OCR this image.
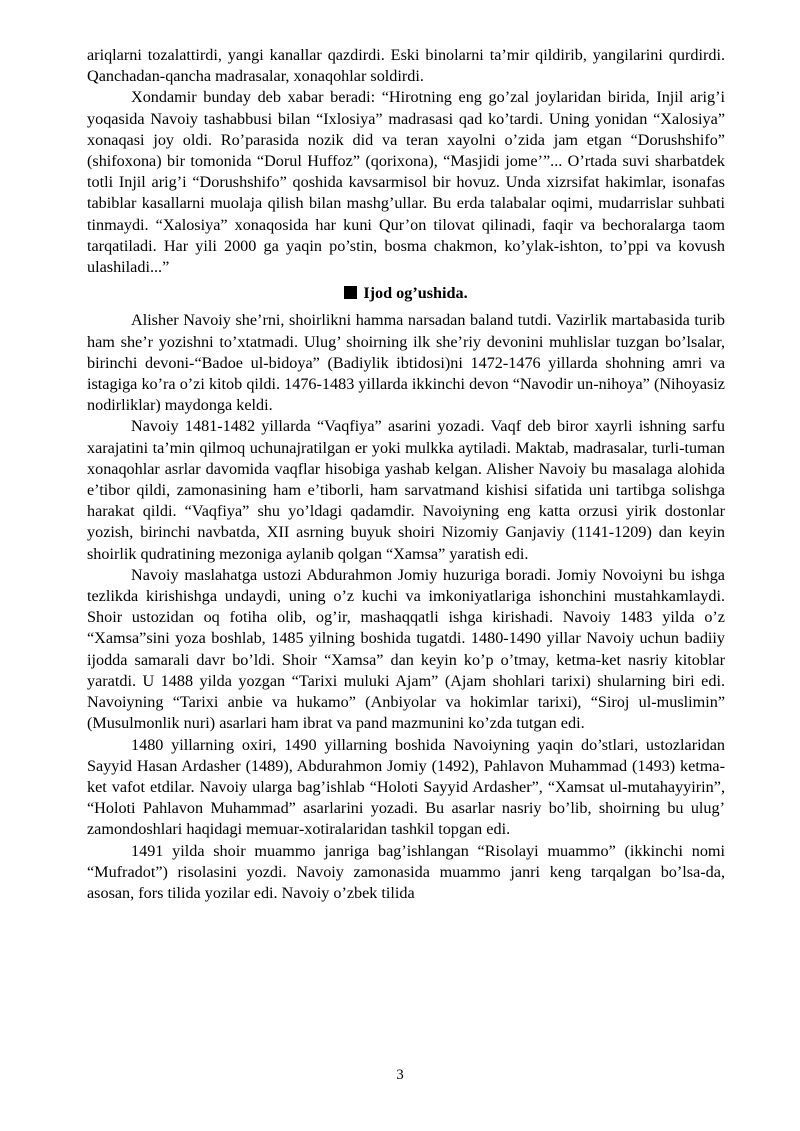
ariqlarni tozalattirdi, yangi kanallar qazdirdi. Eski binolarni ta’mir qildirib, yangilarini qurdirdi. Qanchadan-qancha madrasalar, xonaqohlar soldirdi.

Xondamir bunday deb xabar beradi: “Hirotning eng go’zal joylaridan birida, Injil arig’i yoqasida Navoiy tashabbusi bilan “Ixlosiya” madrasasi qad ko’tardi. Uning yonidan “Xalosiya” xonaqasi joy oldi. Ro’parasida nozik did va teran xayolni o’zida jam etgan “Dorushshifo” (shifoxona) bir tomonida “Dorul Huffoz” (qorixona), “Masjidi jome’”... O’rtada suvi sharbatdek totli Injil arig’i “Dorushshifo” qoshida kavsarmisol bir hovuz. Unda xizrsifat hakimlar, isonafas tabiblar kasallarni muolaja qilish bilan mashg’ullar. Bu erda talabalar oqimi, mudarrislar suhbati tinmaydi. “Xalosiya” xonaqosida har kuni Qur’on tilovat qilinadi, faqir va bechoralarga taom tarqatiladi. Har yili 2000 ga yaqin po’stin, bosma chakmon, ko’ylak-ishton, to’ppi va kovush ulashiladi...”

Ijod og’ushida.

Alisher Navoiy she’rni, shoirlikni hamma narsadan baland tutdi. Vazirlik martabasida turib ham she’r yozishni to’xtatmadi. Ulug’ shoirning ilk she’riy devonini muhlislar tuzgan bo’lsalar, birinchi devoni-“Badoe ul-bidoya” (Badiylik ibtidosi)ni 1472-1476 yillarda shohning amri va istagiga ko’ra o’zi kitob qildi. 1476-1483 yillarda ikkinchi devon “Navodir un-nihoya” (Nihoyasiz nodirliklar) maydonga keldi.

Navoiy 1481-1482 yillarda “Vaqfiya” asarini yozadi. Vaqf deb biror xayrli ishning sarfu xarajatini ta’min qilmoq uchunajratilgan er yoki mulkka aytiladi. Maktab, madrasalar, turli-tuman xonaqohlar asrlar davomida vaqflar hisobiga yashab kelgan. Alisher Navoiy bu masalaga alohida e’tibor qildi, zamonasining ham e’tiborli, ham sarvatmand kishisi sifatida uni tartibga solishga harakat qildi. “Vaqfiya” shu yo’ldagi qadamdir. Navoiyning eng katta orzusi yirik dostonlar yozish, birinchi navbatda, XII asrning buyuk shoiri Nizomiy Ganjaviy (1141-1209) dan keyin shoirlik qudratining mezoniga aylanib qolgan “Xamsa” yaratish edi.

Navoiy maslahatga ustozi Abdurahmon Jomiy huzuriga boradi. Jomiy Novoiyni bu ishga tezlikda kirishishga undaydi, uning o’z kuchi va imkoniyatlariga ishonchini mustahkamlaydi. Shoir ustozidan oq fotiha olib, og’ir, mashaqqatli ishga kirishadi. Navoiy 1483 yilda o’z “Xamsa”sini yoza boshlab, 1485 yilning boshida tugatdi. 1480-1490 yillar Navoiy uchun badiiy ijodda samarali davr bo’ldi. Shoir “Xamsa” dan keyin ko’p o’tmay, ketma-ket nasriy kitoblar yaratdi. U 1488 yilda yozgan “Tarixi muluki Ajam” (Ajam shohlari tarixi) shularning biri edi. Navoiyning “Tarixi anbie va hukamo” (Anbiyolar va hokimlar tarixi), “Siroj ul-muslimin” (Musulmonlik nuri) asarlari ham ibrat va pand mazmunini ko’zda tutgan edi.

1480 yillarning oxiri, 1490 yillarning boshida Navoiyning yaqin do’stlari, ustozlaridan Sayyid Hasan Ardasher (1489), Abdurahmon Jomiy (1492), Pahlavon Muhammad (1493) ketma-ket vafot etdilar. Navoiy ularga bag’ishlab “Holoti Sayyid Ardasher”, “Xamsat ul-mutahayyirin”, “Holoti Pahlavon Muhammad” asarlarini yozadi. Bu asarlar nasriy bo’lib, shoirning bu ulug’ zamondoshlari haqidagi memuar-xotiralaridan tashkil topgan edi.

1491 yilda shoir muammo janriga bag’ishlangan “Risolayi muammo” (ikkinchi nomi “Mufradot”) risolasini yozdi. Navoiy zamonasida muammo janri keng tarqalgan bo’lsa-da, asosan, fors tilida yozilar edi. Navoiy o’zbek tilida

3
